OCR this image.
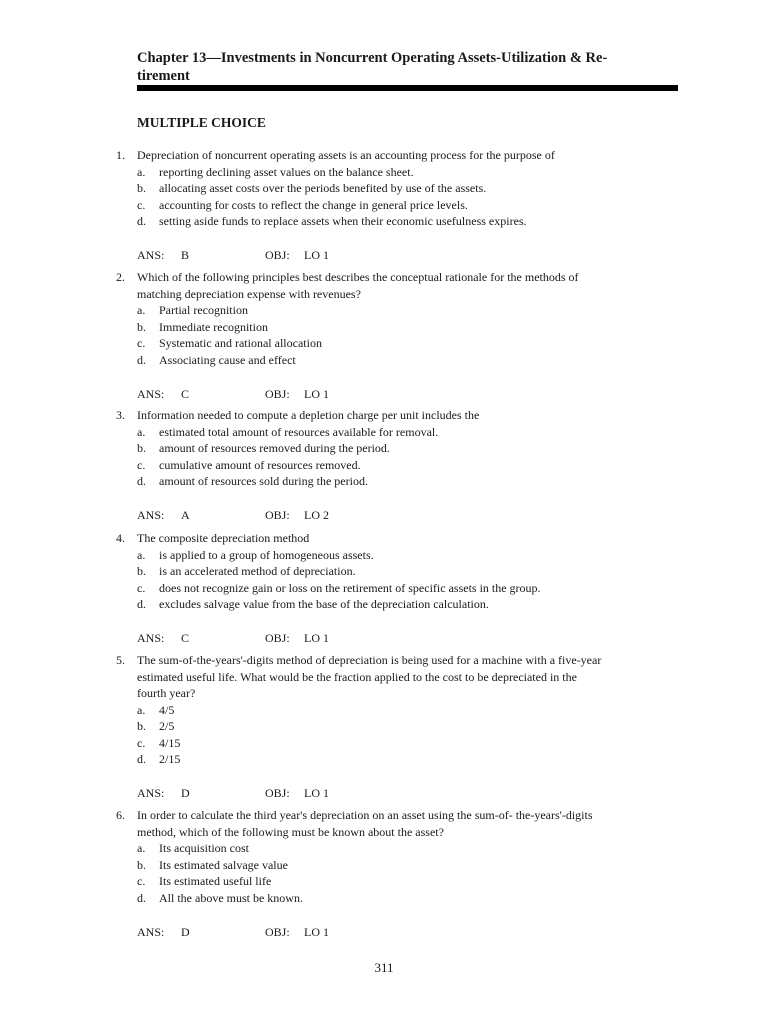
Chapter 13—Investments in Noncurrent Operating Assets-Utilization & Re-
tirement
MULTIPLE CHOICE
1. Depreciation of noncurrent operating assets is an accounting process for the purpose of
a. reporting declining asset values on the balance sheet.
b. allocating asset costs over the periods benefited by use of the assets.
c. accounting for costs to reflect the change in general price levels.
d. setting aside funds to replace assets when their economic usefulness expires.
ANS: B	OBJ: LO 1
2. Which of the following principles best describes the conceptual rationale for the methods of
matching depreciation expense with revenues?
a. Partial recognition
b. Immediate recognition
c. Systematic and rational allocation
d. Associating cause and effect
ANS: C	OBJ: LO 1
3. Information needed to compute a depletion charge per unit includes the
a. estimated total amount of resources available for removal.
b. amount of resources removed during the period.
c. cumulative amount of resources removed.
d. amount of resources sold during the period.
ANS: A	OBJ: LO 2
4. The composite depreciation method
a. is applied to a group of homogeneous assets.
b. is an accelerated method of depreciation.
c. does not recognize gain or loss on the retirement of specific assets in the group.
d. excludes salvage value from the base of the depreciation calculation.
ANS: C	OBJ: LO 1
5. The sum-of-the-years'-digits method of depreciation is being used for a machine with a five-year
estimated useful life. What would be the fraction applied to the cost to be depreciated in the
fourth year?
a. 4/5
b. 2/5
c. 4/15
d. 2/15
ANS: D	OBJ: LO 1
6. In order to calculate the third year's depreciation on an asset using the sum-of- the-years'-digits
method, which of the following must be known about the asset?
a. Its acquisition cost
b. Its estimated salvage value
c. Its estimated useful life
d. All the above must be known.
ANS: D	OBJ: LO 1
311
